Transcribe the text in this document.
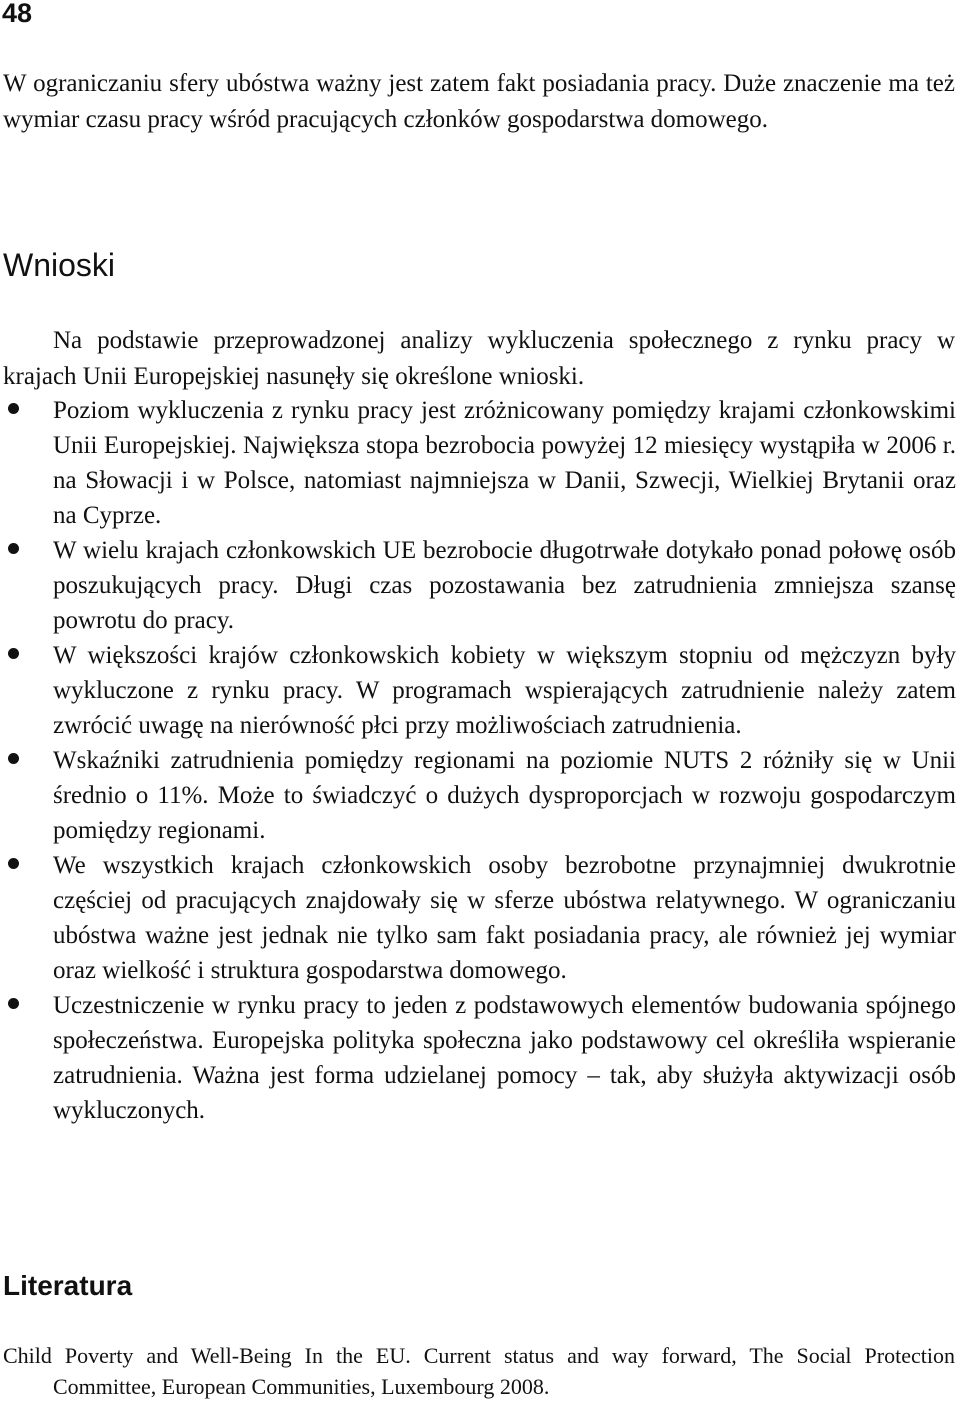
48

W ograniczaniu sfery ubóstwa ważny jest zatem fakt posiadania pracy. Duże znaczenie ma też wymiar czasu pracy wśród pracujących członków gospodarstwa domowego.

Wnioski

Na podstawie przeprowadzonej analizy wykluczenia społecznego z rynku pracy w krajach Unii Europejskiej nasunęły się określone wnioski.

Poziom wykluczenia z rynku pracy jest zróżnicowany pomiędzy krajami członkowskimi Unii Europejskiej. Największa stopa bezrobocia powyżej 12 miesięcy wystąpiła w 2006 r. na Słowacji i w Polsce, natomiast najmniejsza w Danii, Szwecji, Wielkiej Brytanii oraz na Cyprze.
W wielu krajach członkowskich UE bezrobocie długotrwałe dotykało ponad połowę osób poszukujących pracy. Długi czas pozostawania bez zatrudnienia zmniejsza szansę powrotu do pracy.
W większości krajów członkowskich kobiety w większym stopniu od mężczyzn były wykluczone z rynku pracy. W programach wspierających zatrudnienie należy zatem zwrócić uwagę na nierówność płci przy możliwościach zatrudnienia.
Wskaźniki zatrudnienia pomiędzy regionami na poziomie NUTS 2 różniły się w Unii średnio o 11%. Może to świadczyć o dużych dysproporcjach w rozwoju gospodarczym pomiędzy regionami.
We wszystkich krajach członkowskich osoby bezrobotne przynajmniej dwukrotnie częściej od pracujących znajdowały się w sferze ubóstwa relatywnego. W ograniczaniu ubóstwa ważne jest jednak nie tylko sam fakt posiadania pracy, ale również jej wymiar oraz wielkość i struktura gospodarstwa domowego.
Uczestniczenie w rynku pracy to jeden z podstawowych elementów budowania spójnego społeczeństwa. Europejska polityka społeczna jako podstawowy cel określiła wspieranie zatrudnienia. Ważna jest forma udzielanej pomocy – tak, aby służyła aktywizacji osób wykluczonych.
Literatura

Child Poverty and Well-Being In the EU. Current status and way forward, The Social Protection Committee, European Communities, Luxembourg 2008.
